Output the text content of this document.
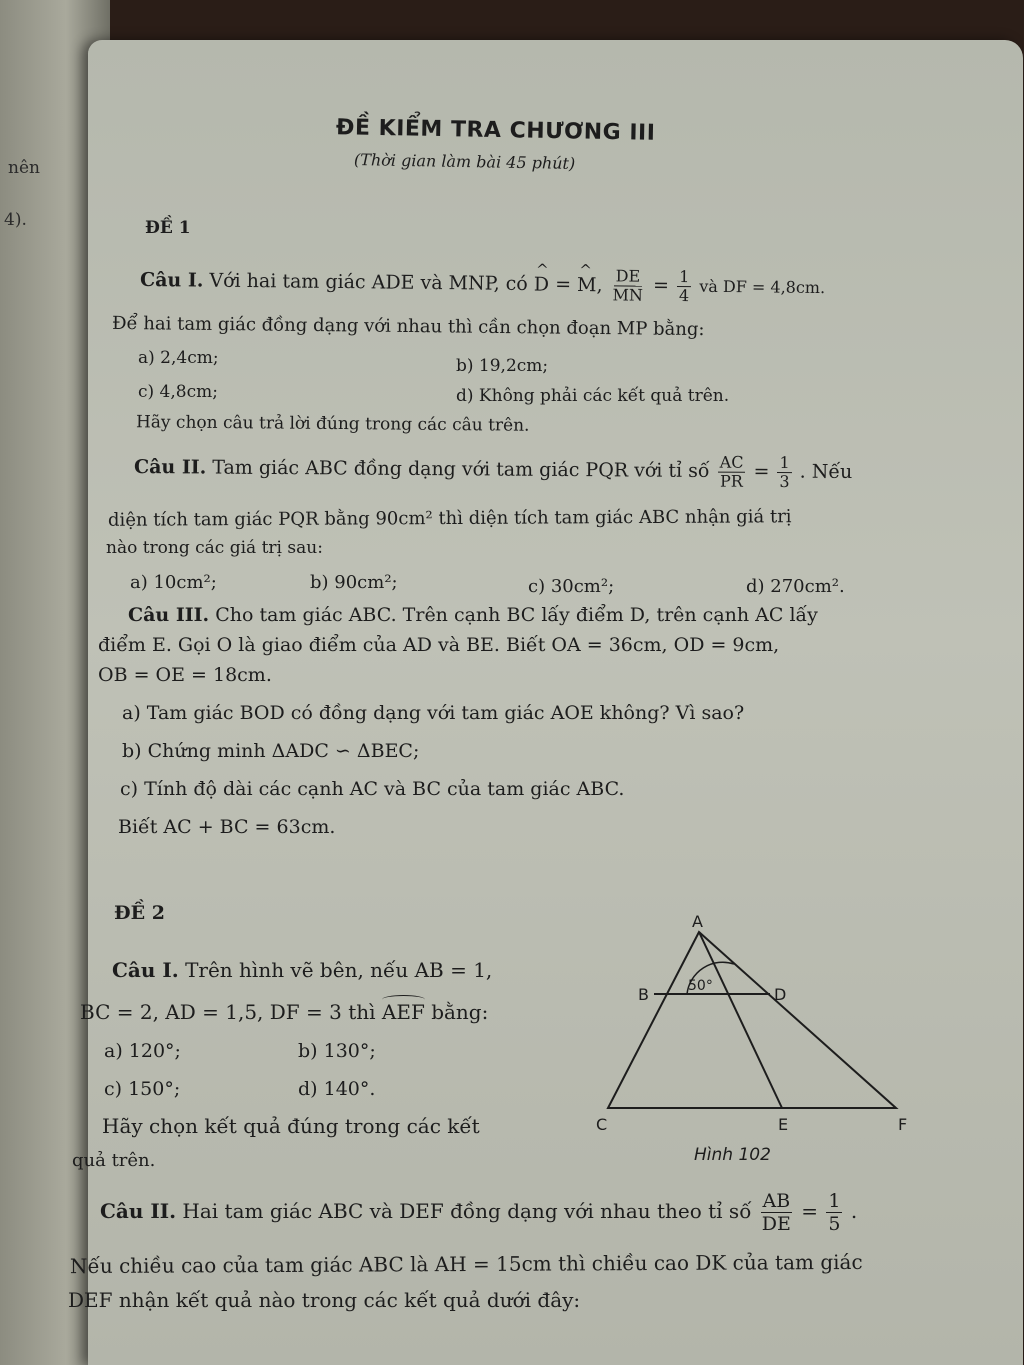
nên
4).
ĐỀ KIỂM TRA CHƯƠNG III
(Thời gian làm bài 45 phút)
ĐỀ 1
Câu I. Với hai tam giác ADE và MNP, có ^ D = ^ M, $\frac{DE}{MN} = \frac{1}{4}$ và DF = 4,8cm.
Để hai tam giác đồng dạng với nhau thì cần chọn đoạn MP bằng:
a) 2,4cm;	b) 19,2cm;
c) 4,8cm;	d) Không phải các kết quả trên.
Hãy chọn câu trả lời đúng trong các câu trên.
Câu II. Tam giác ABC đồng dạng với tam giác PQR với tỉ số $\frac{AC}{PR} = \frac{1}{3}$ . Nếu
diện tích tam giác PQR bằng 90cm² thì diện tích tam giác ABC nhận giá trị
nào trong các giá trị sau:
a) 10cm²;	b) 90cm²;	c) 30cm²;	d) 270cm².
Câu III. Cho tam giác ABC. Trên cạnh BC lấy điểm D, trên cạnh AC lấy
điểm E. Gọi O là giao điểm của AD và BE. Biết OA = 36cm, OD = 9cm,
OB = OE = 18cm.
a) Tam giác BOD có đồng dạng với tam giác AOE không? Vì sao?
b) Chứng minh ΔADC ∽ ΔBEC;
c) Tính độ dài các cạnh AC và BC của tam giác ABC.
Biết AC + BC = 63cm.
ĐỀ 2
Câu I. Trên hình vẽ bên, nếu AB = 1,
BC = 2, AD = 1,5, DF = 3 thì AEF bằng:
a) 120°;	b) 130°;
c) 150°;	d) 140°.
Hãy chọn kết quả đúng trong các kết
quả trên.
A
B	D
C	E	F
50°
Hình 102
Câu II. Hai tam giác ABC và DEF đồng dạng với nhau theo tỉ số $\frac{AB}{DE} = \frac{1}{5}$ .
Nếu chiều cao của tam giác ABC là AH = 15cm thì chiều cao DK của tam giác
DEF nhận kết quả nào trong các kết quả dưới đây:
